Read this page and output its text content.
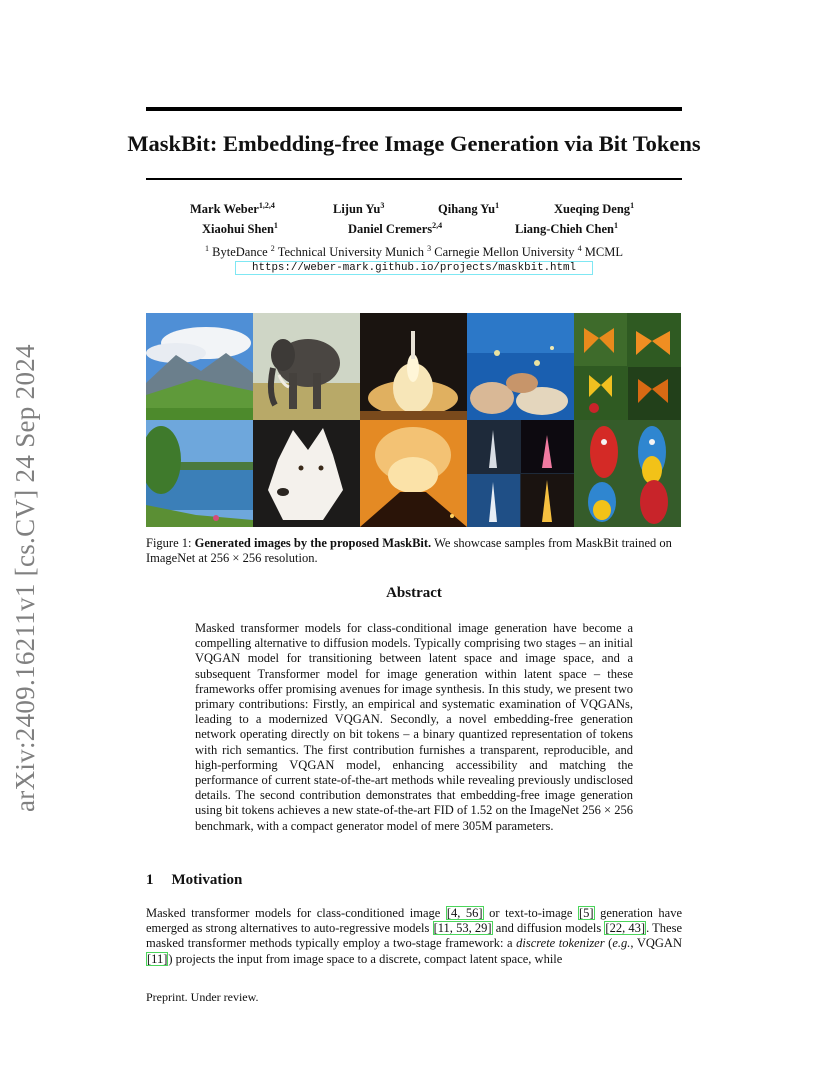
arXiv:2409.16211v1 [cs.CV] 24 Sep 2024
MaskBit: Embedding-free Image Generation via Bit Tokens
Mark Weber$^{1,2,4}$	Lijun Yu$^3$	Qihang Yu$^1$	Xueqing Deng$^1$
Xiaohui Shen$^1$	Daniel Cremers$^{2,4}$	Liang-Chieh Chen$^1$
$^1$ ByteDance $^2$ Technical University Munich $^3$ Carnegie Mellon University $^4$ MCML
https://weber-mark.github.io/projects/maskbit.html
Figure 1: Generated images by the proposed MaskBit. We showcase samples from MaskBit trained on ImageNet at 256 × 256 resolution.
Abstract
Masked transformer models for class-conditional image generation have become a compelling alternative to diffusion models. Typically comprising two stages – an initial VQGAN model for transitioning between latent space and image space, and a subsequent Transformer model for image generation within latent space – these frameworks offer promising avenues for image synthesis. In this study, we present two primary contributions: Firstly, an empirical and systematic examination of VQGANs, leading to a modernized VQGAN. Secondly, a novel embedding-free generation network operating directly on bit tokens – a binary quantized representation of tokens with rich semantics. The first contribution furnishes a transparent, reproducible, and high-performing VQGAN model, enhancing accessibility and matching the performance of current state-of-the-art methods while revealing previously undisclosed details. The second contribution demonstrates that embedding-free image generation using bit tokens achieves a new state-of-the-art FID of 1.52 on the ImageNet 256 × 256 benchmark, with a compact generator model of mere 305M parameters.
1 Motivation
Masked transformer models for class-conditioned image [4, 56] or text-to-image [5] generation have emerged as strong alternatives to auto-regressive models [11, 53, 29] and diffusion models [22, 43]. These masked transformer methods typically employ a two-stage framework: a discrete tokenizer (e.g., VQGAN [11]) projects the input from image space to a discrete, compact latent space, while
Preprint. Under review.
